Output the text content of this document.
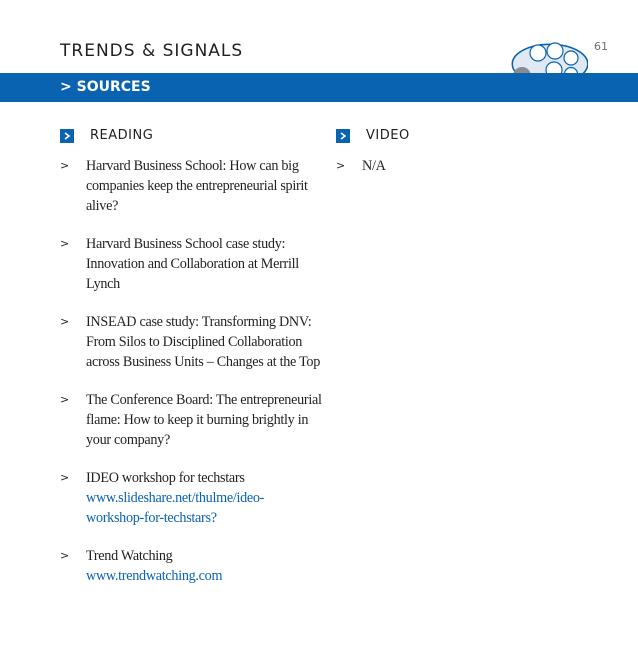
TRENDS & SIGNALS	61
> SOURCES
READING	VIDEO
> Harvard Business School: How can big companies keep the entrepreneurial spirit alive?
> Harvard Business School case study: Innovation and Collaboration at Merrill Lynch
> INSEAD case study: Transforming DNV: From Silos to Disciplined Collaboration across Business Units – Changes at the Top
> The Conference Board: The entrepreneurial flame: How to keep it burning brightly in your company?
> IDEO workshop for techstars
www.slideshare.net/thulme/ideo-workshop-for-techstars?
> Trend Watching
www.trendwatching.com
> N/A
